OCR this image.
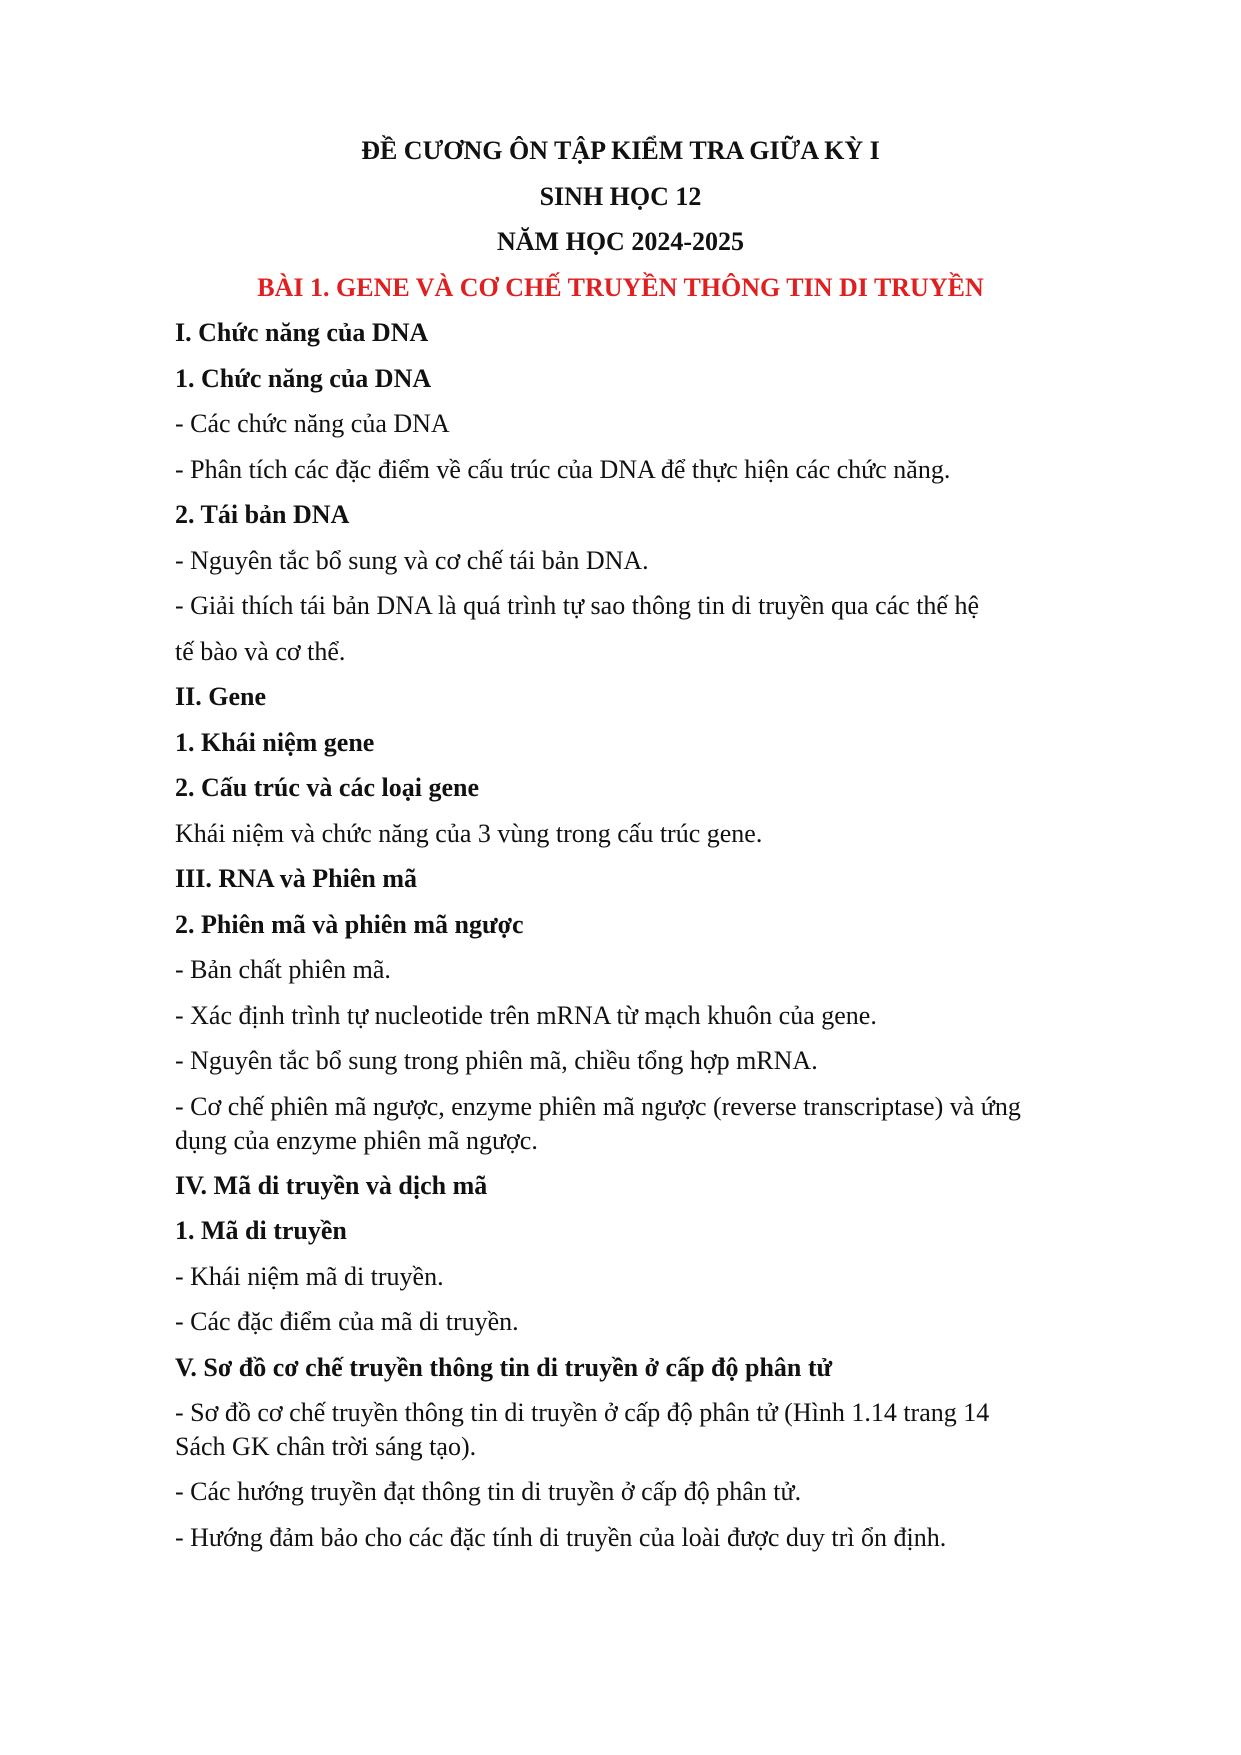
ĐỀ CƯƠNG ÔN TẬP KIỂM TRA GIỮA KỲ I
SINH HỌC 12
NĂM HỌC 2024-2025
BÀI 1. GENE VÀ CƠ CHẾ TRUYỀN THÔNG TIN DI TRUYỀN
I. Chức năng của DNA
1. Chức năng của DNA
- Các chức năng của DNA
- Phân tích các đặc điểm về cấu trúc của DNA để thực hiện các chức năng.
2. Tái bản DNA
- Nguyên tắc bổ sung và cơ chế tái bản DNA.
- Giải thích tái bản DNA là quá trình tự sao thông tin di truyền qua các thế hệ
tế bào và cơ thể.
II. Gene
1. Khái niệm gene
2. Cấu trúc và các loại gene
Khái niệm và chức năng của 3 vùng trong cấu trúc gene.
III. RNA và Phiên mã
2. Phiên mã và phiên mã ngược
- Bản chất phiên mã.
- Xác định trình tự nucleotide trên mRNA từ mạch khuôn của gene.
- Nguyên tắc bổ sung trong phiên mã, chiều tổng hợp mRNA.
- Cơ chế phiên mã ngược, enzyme phiên mã ngược (reverse transcriptase) và ứng
dụng của enzyme phiên mã ngược.
IV. Mã di truyền và dịch mã
1. Mã di truyền
- Khái niệm mã di truyền.
- Các đặc điểm của mã di truyền.
V. Sơ đồ cơ chế truyền thông tin di truyền ở cấp độ phân tử
- Sơ đồ cơ chế truyền thông tin di truyền ở cấp độ phân tử (Hình 1.14 trang 14
Sách GK chân trời sáng tạo).
- Các hướng truyền đạt thông tin di truyền ở cấp độ phân tử.
- Hướng đảm bảo cho các đặc tính di truyền của loài được duy trì ổn định.
